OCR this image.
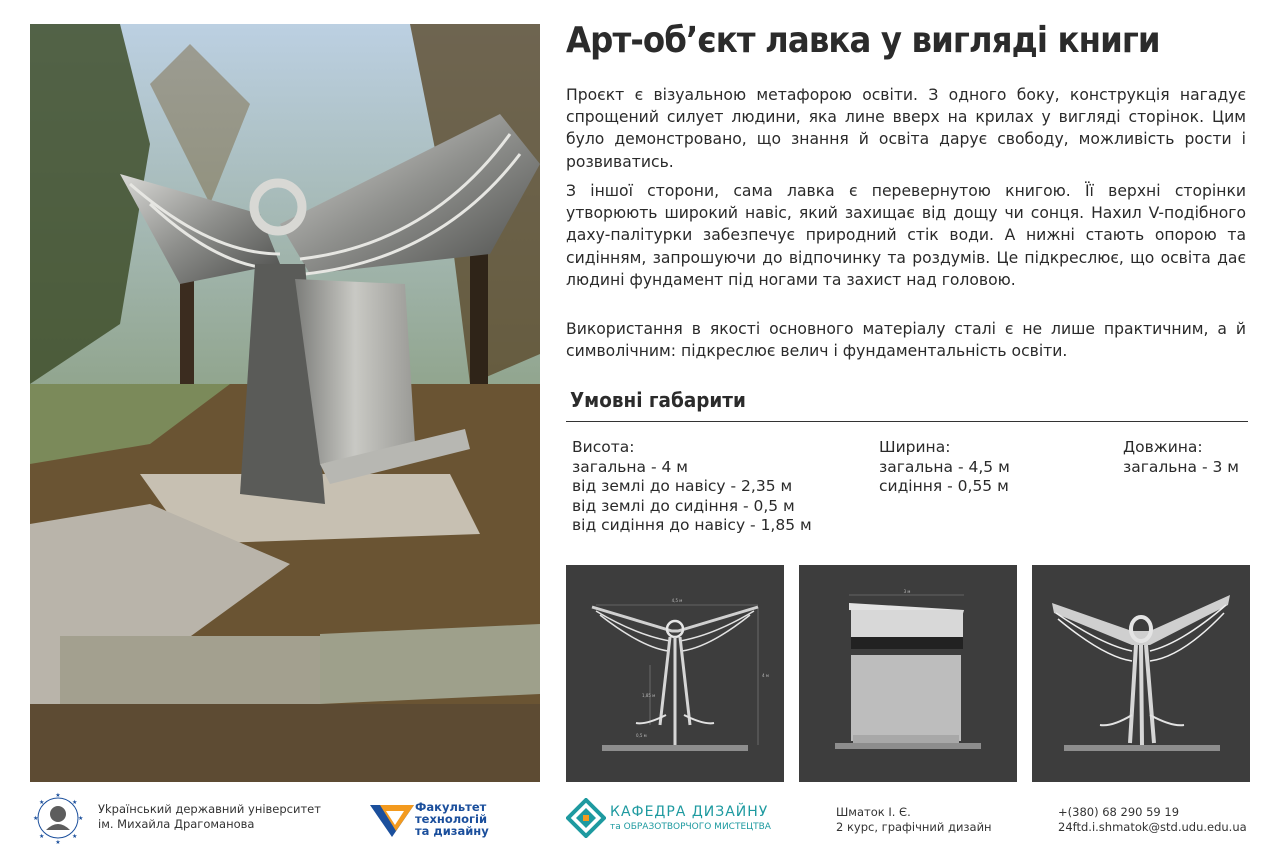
Арт-обʼєкт лавка у вигляді книги

Проєкт є візуальною метафорою освіти. З одного боку, конструкція нагадує спрощений силует людини, яка лине вверх на крилах у вигляді сторінок. Цим було демонстровано, що знання й освіта дарує свободу, можливість рости і розвиватись.

З іншої сторони, сама лавка є перевернутою книгою. Її верхні сторінки утворюють широкий навіс, який захищає від дощу чи сонця. Нахил V-подібного даху-палітурки забезпечує природний стік води. А нижні стають опорою та сидінням, запрошуючи до відпочинку та роздумів. Це підкреслює, що освіта дає людині фундамент під ногами та захист над головою.

Використання в якості основного матеріалу сталі є не лише практичним, а й символічним: підкреслює велич і фундаментальність освіти.

Умовні габарити
Висота:
загальна - 4 м
від землі до навісу - 2,35 м
від землі до сидіння - 0,5 м
від сидіння до навісу - 1,85 м
Ширина:
загальна - 4,5 м
сидіння - 0,55 м
Довжина:
загальна - 3 м
4,5 м
4 м
1,85 м
0,5 м
3 м
★
★
★	★
★	★
★	★
Уkраїнський державний університет
ім. Михайла Драгоманова
Факультет
технологій
та дизайну
КАФЕДРА ДИЗАЙНУ
та ОБРАЗОТВОРЧОГО МИСТЕЦТВА
Шматок І. Є.
2 курс, графічний дизайн
+(380) 68 290 59 19
24ftd.i.shmatok@std.udu.edu.ua
